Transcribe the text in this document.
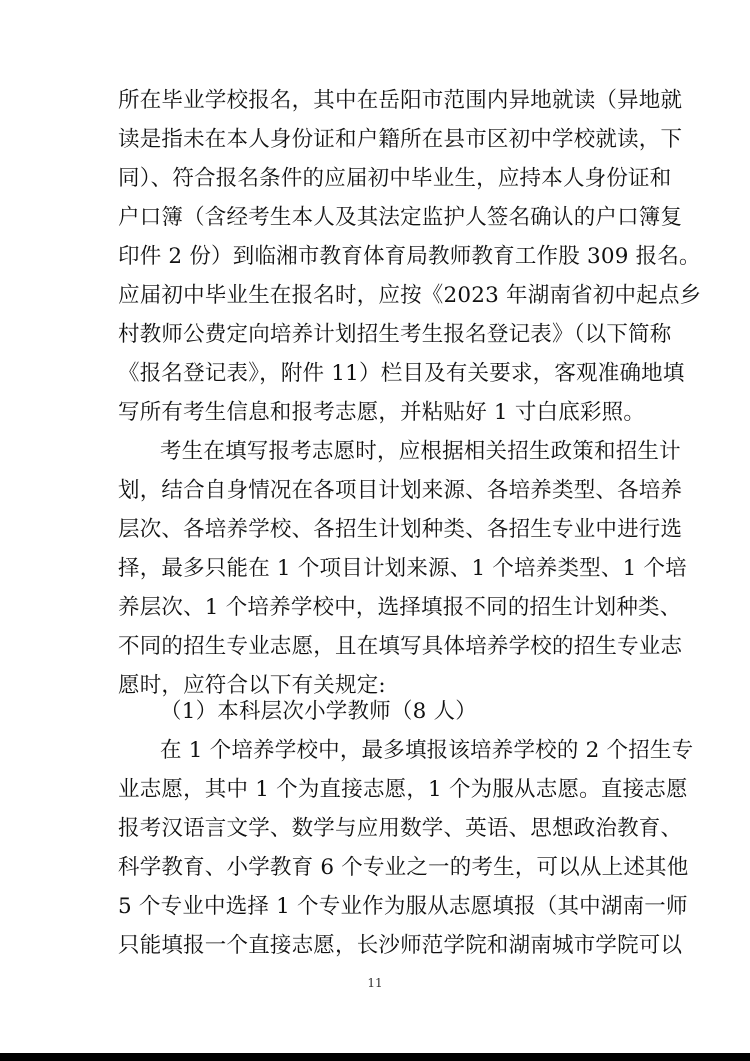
所在毕业学校报名，其中在岳阳市范围内异地就读（异地就
读是指未在本人身份证和户籍所在县市区初中学校就读，下
同）、符合报名条件的应届初中毕业生，应持本人身份证和
户口簿（含经考生本人及其法定监护人签名确认的户口簿复
印件 2 份）到临湘市教育体育局教师教育工作股 309 报名。
应届初中毕业生在报名时，应按《2023 年湖南省初中起点乡
村教师公费定向培养计划招生考生报名登记表》（以下简称
《报名登记表》，附件 11）栏目及有关要求，客观准确地填
写所有考生信息和报考志愿，并粘贴好 1 寸白底彩照。
考生在填写报考志愿时，应根据相关招生政策和招生计
划，结合自身情况在各项目计划来源、各培养类型、各培养
层次、各培养学校、各招生计划种类、各招生专业中进行选
择，最多只能在 1 个项目计划来源、1 个培养类型、1 个培
养层次、1 个培养学校中，选择填报不同的招生计划种类、
不同的招生专业志愿，且在填写具体培养学校的招生专业志
愿时，应符合以下有关规定:
（1）本科层次小学教师（8 人）
在 1 个培养学校中，最多填报该培养学校的 2 个招生专
业志愿，其中 1 个为直接志愿，1 个为服从志愿。直接志愿
报考汉语言文学、数学与应用数学、英语、思想政治教育、
科学教育、小学教育 6 个专业之一的考生，可以从上述其他
5 个专业中选择 1 个专业作为服从志愿填报（其中湖南一师
只能填报一个直接志愿，长沙师范学院和湖南城市学院可以
11
